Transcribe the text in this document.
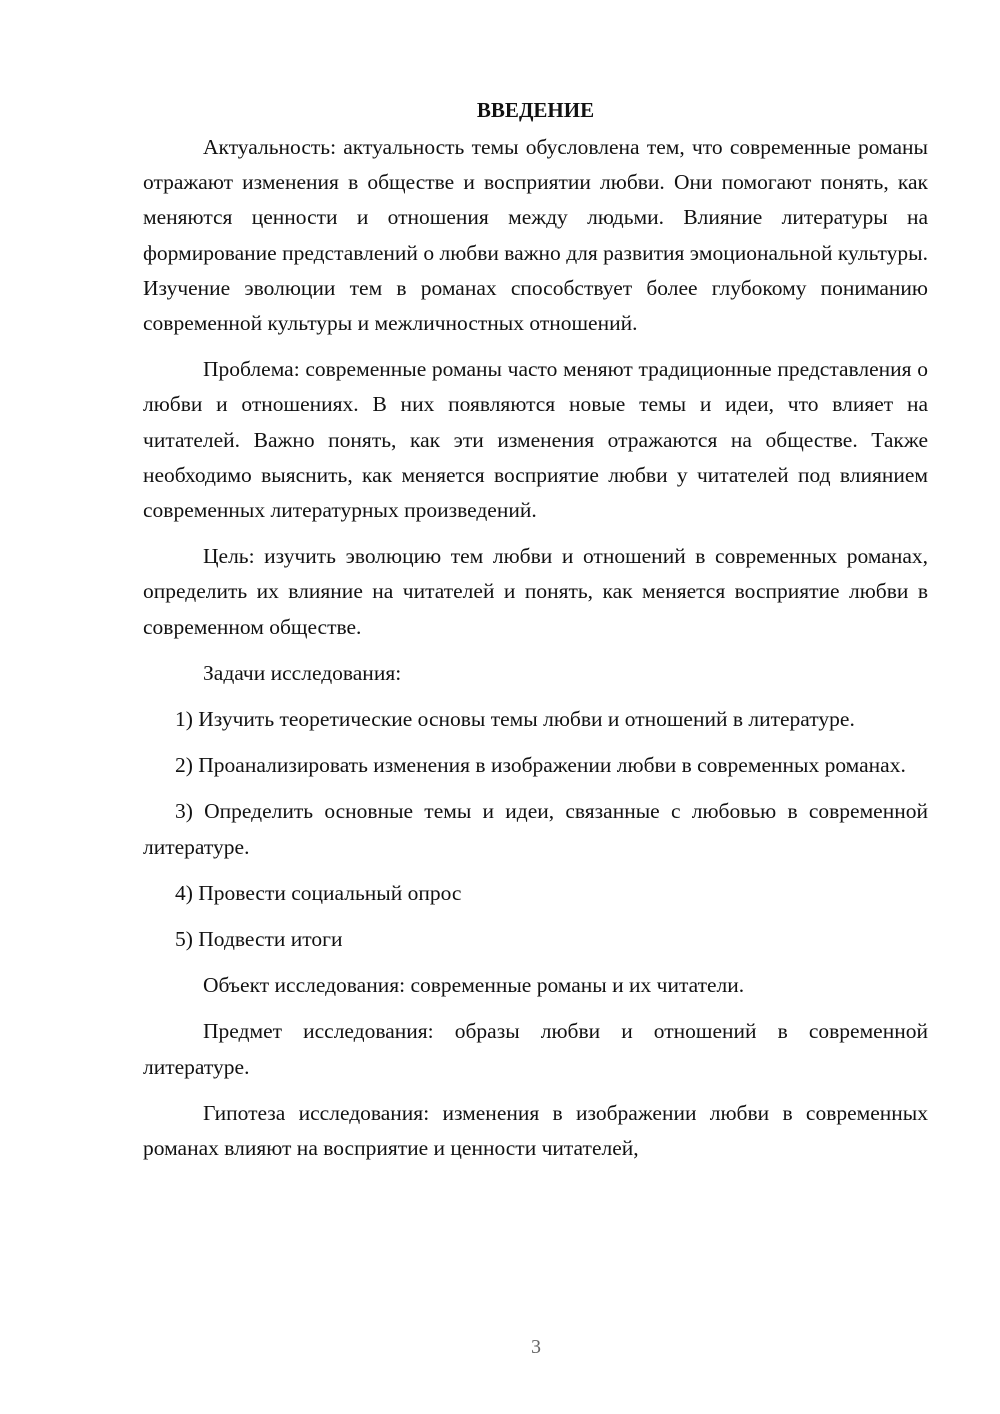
ВВЕДЕНИЕ

Актуальность: актуальность темы обусловлена тем, что современные романы отражают изменения в обществе и восприятии любви. Они помогают понять, как меняются ценности и отношения между людьми. Влияние литературы на формирование представлений о любви важно для развития эмоциональной культуры. Изучение эволюции тем в романах способствует более глубокому пониманию современной культуры и межличностных отношений.

Проблема: современные романы часто меняют традиционные представления о любви и отношениях. В них появляются новые темы и идеи, что влияет на читателей. Важно понять, как эти изменения отражаются на обществе. Также необходимо выяснить, как меняется восприятие любви у читателей под влиянием современных литературных произведений.

Цель: изучить эволюцию тем любви и отношений в современных романах, определить их влияние на читателей и понять, как меняется восприятие любви в современном обществе.

Задачи исследования:

1) Изучить теоретические основы темы любви и отношений в литературе.

2) Проанализировать изменения в изображении любви в современных романах.

3) Определить основные темы и идеи, связанные с любовью в современной литературе.

4) Провести социальный опрос

5) Подвести итоги

Объект исследования: современные романы и их читатели.

Предмет исследования: образы любви и отношений в современной литературе.

Гипотеза исследования: изменения в изображении любви в современных романах влияют на восприятие и ценности читателей,

3
